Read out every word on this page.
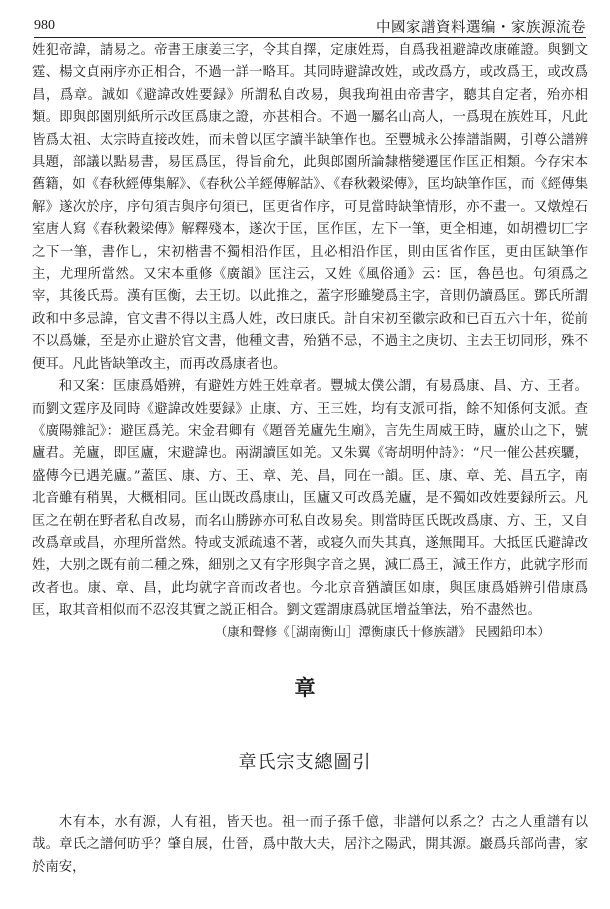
980	中國家譜資料選编・家族源流卷

姓犯帝諱，請易之。帝書王康姜三字，令其自擇，定康姓焉，自爲我祖避諱改康確證。與劉文霆、楊文貞兩序亦正相合，不過一詳一略耳。其同時避諱改姓，或改爲方，或改爲王，或改爲昌，爲章。誠如《避諱改姓要録》所謂私自改易，與我珣祖由帝書字，聽其自定者，殆亦相類。即與郎園別紙所示改匡爲康之證，亦甚相合。不過一屬名山高人，一爲現在族姓耳，凡此皆爲太祖、太宗時直接改姓，而未曾以匡字讀半缺筆作也。至豐城永公捧譜詣闕，引尊公譜辨具題，部議以點易書，易匡爲匡，得旨俞允，此與郎園所論隸楷變遷匡作匡正相類。今存宋本舊籍，如《春秋經傳集解》、《春秋公羊經傳解詁》、《春秋穀梁傳》，匡均缺筆作匡，而《經傳集解》遂次於序，序句須吉與序句須已，匡更省作序，可見當時缺筆情形，亦不畫一。又燉煌石室唐人寫《春秋穀梁傳》解釋殘本，遂次于匡，匡作匡，左下一筆，更全相連，如胡禮切匚字之下一筆，書作乚，宋初楷書不獨相沿作匡，且必相沿作匡，則由匡省作匡，更由匡缺筆作主，尤理所當然。又宋本重修《廣韻》匡注云，又姓《風俗通》云：匡，魯邑也。句須爲之宰，其後氏焉。漢有匡衡，去王切。以此推之，蓋字形雖變爲主字，音則仍讀爲匡。鄧氏所謂政和中多忌諱，官文書不得以主爲人姓，改曰康氏。計自宋初至徽宗政和已百五六十年，從前不以爲嫌，至是亦止避於官文書，他種文書，殆猶不忌，不過主之庚切、主去王切同形，殊不便耳。凡此皆缺筆改主，而再改爲康者也。

和又案：匡康爲婚辨，有避姓方姓王姓章者。豐城太僕公謂，有易爲康、昌、方、王者。而劉文霆序及同時《避諱改姓要録》止康、方、王三姓，均有支派可指，餘不知係何支派。查《廣陽雜記》：避匡爲羌。宋金君卿有《題晉羌廬先生廟》，言先生周威王時，廬於山之下，號廬君。羌廬，即匡廬，宋避諱也。兩湖讀匡如羌。又朱翼《寄胡明仲詩》：“尺一催公甚疾驪，盛傳今已遇羌廬。”蓋匡、康、方、王、章、羌、昌，同在一韻。匡、康、章、羌、昌五字，南北音雖有稍異，大概相同。匡山既改爲康山，匡廬又可改爲羌廬，是不獨如改姓要録所云。凡匡之在朝在野者私自改易，而名山勝跡亦可私自改易矣。則當時匡氏既改爲康、方、王，又自改爲章或昌，亦理所當然。特或支派疏遠不著，或寝久而失其真，遂無聞耳。大抵匡氏避諱改姓，大别之既有前二種之殊，細别之又有字形與字音之異，減匸爲王，減王作方，此就字形而改者也。康、章、昌，此均就字音而改者也。今北京音猶讀匡如康，與匡康爲婚辨引借康爲匡，取其音相似而不忍沒其實之説正相合。劉文霆謂康爲就匡增益筆法，殆不盡然也。

（康和聲修《［湖南衡山］潭衡康氏十修族譜》 民國鉛印本）
章
章氏宗支總圖引

木有本，水有源，人有祖，皆天也。祖一而子孫千億，非譜何以系之？古之人重譜有以哉。章氏之譜何昉乎？肇自展，仕晉，爲中散大夫，居汴之陽武，開其源。巖爲兵部尚書，家於南安，
